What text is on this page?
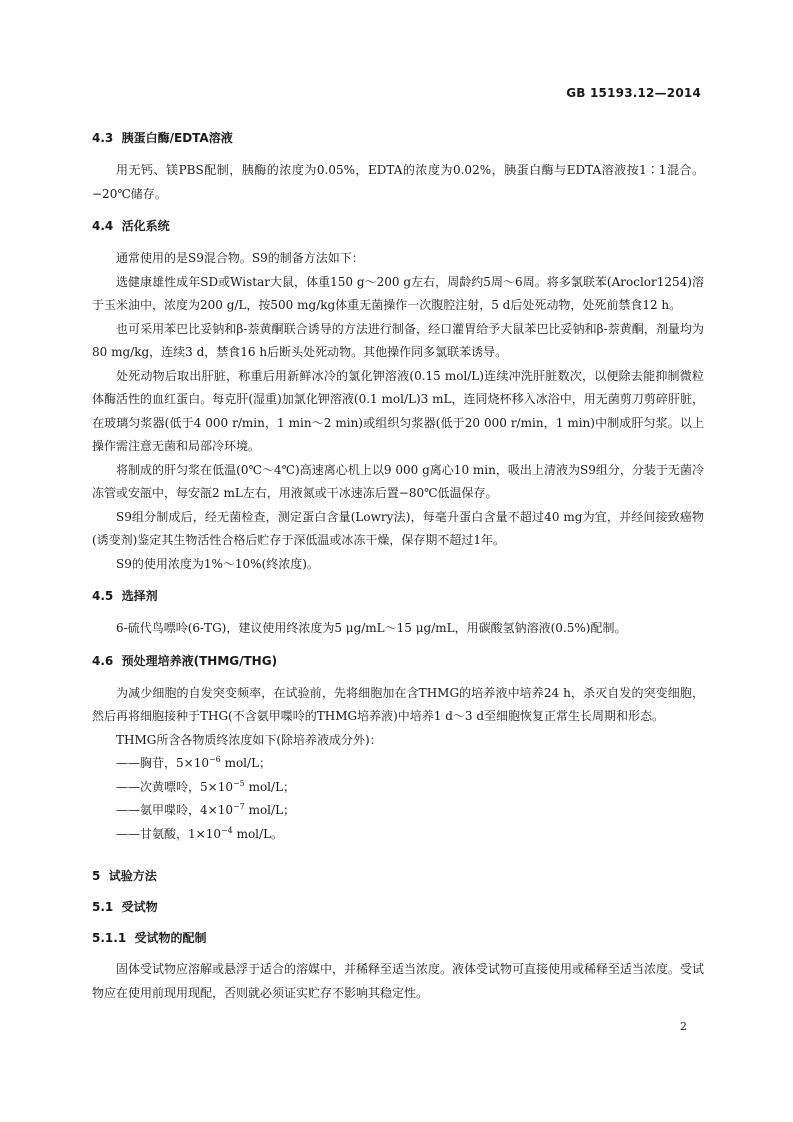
GB 15193.12—2014
4.3  胰蛋白酶/EDTA溶液

用无钙、镁PBS配制，胰酶的浓度为0.05%，EDTA的浓度为0.02%，胰蛋白酶与EDTA溶液按1∶1混合。−20℃储存。

4.4  活化系统

通常使用的是S9混合物。S9的制备方法如下：

选健康雄性成年SD或Wistar大鼠，体重150 g～200 g左右，周龄约5周～6周。将多氯联苯(Aroclor1254)溶于玉米油中，浓度为200 g/L，按500 mg/kg体重无菌操作一次腹腔注射，5 d后处死动物，处死前禁食12 h。

也可采用苯巴比妥钠和β-萘黄酮联合诱导的方法进行制备，经口灌胃给予大鼠苯巴比妥钠和β-萘黄酮，剂量均为80 mg/kg，连续3 d，禁食16 h后断头处死动物。其他操作同多氯联苯诱导。

处死动物后取出肝脏，称重后用新鲜冰冷的氯化钾溶液(0.15 mol/L)连续冲洗肝脏数次，以便除去能抑制微粒体酶活性的血红蛋白。每克肝(湿重)加氯化钾溶液(0.1 mol/L)3 mL，连同烧杯移入冰浴中，用无菌剪刀剪碎肝脏，在玻璃匀浆器(低于4 000 r/min，1 min～2 min)或组织匀浆器(低于20 000 r/min，1 min)中制成肝匀浆。以上操作需注意无菌和局部冷环境。

将制成的肝匀浆在低温(0℃～4℃)高速离心机上以9 000 g离心10 min，吸出上清液为S9组分，分装于无菌冷冻管或安瓿中，每安瓿2 mL左右，用液氮或干冰速冻后置−80℃低温保存。

S9组分制成后，经无菌检查，测定蛋白含量(Lowry法)，每毫升蛋白含量不超过40 mg为宜，并经间接致癌物(诱变剂)鉴定其生物活性合格后贮存于深低温或冰冻干燥，保存期不超过1年。

S9的使用浓度为1%～10%(终浓度)。

4.5  选择剂

6-硫代鸟嘌呤(6-TG)，建议使用终浓度为5 μg/mL～15 μg/mL，用碳酸氢钠溶液(0.5%)配制。

4.6  预处理培养液(THMG/THG)

为减少细胞的自发突变频率，在试验前，先将细胞加在含THMG的培养液中培养24 h，杀灭自发的突变细胞，然后再将细胞接种于THG(不含氨甲喋呤的THMG培养液)中培养1 d～3 d至细胞恢复正常生长周期和形态。

THMG所含各物质终浓度如下(除培养液成分外)：

——胸苷，$5\times 10^{-6}$ mol/L；
——次黄嘌呤，$5\times 10^{-5}$ mol/L；
——氨甲喋呤，$4\times 10^{-7}$ mol/L；
——甘氨酸，$1\times 10^{-4}$ mol/L。
5  试验方法
5.1  受试物
5.1.1  受试物的配制

固体受试物应溶解或悬浮于适合的溶媒中，并稀释至适当浓度。液体受试物可直接使用或稀释至适当浓度。受试物应在使用前现用现配，否则就必须证实贮存不影响其稳定性。

2
